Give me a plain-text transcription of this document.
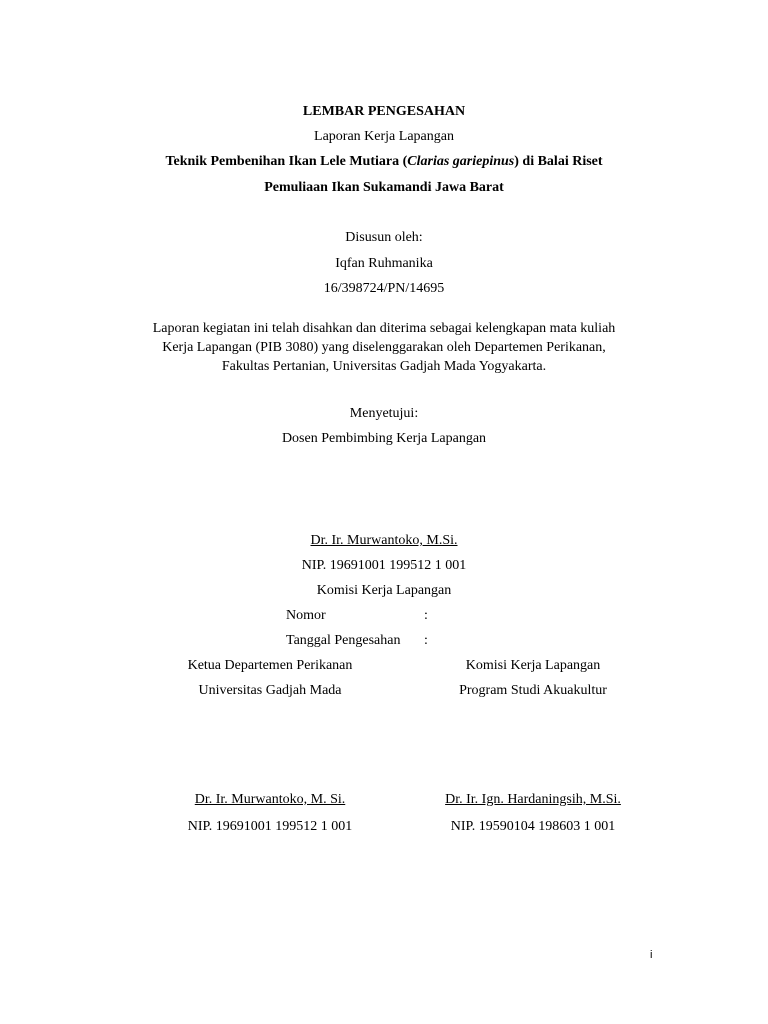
LEMBAR PENGESAHAN
Laporan Kerja Lapangan
Teknik Pembenihan Ikan Lele Mutiara (Clarias gariepinus) di Balai Riset
Pemuliaan Ikan Sukamandi Jawa Barat
Disusun oleh:
Iqfan Ruhmanika
16/398724/PN/14695
Laporan kegiatan ini telah disahkan dan diterima sebagai kelengkapan mata kuliah
Kerja Lapangan (PIB 3080) yang diselenggarakan oleh Departemen Perikanan,
Fakultas Pertanian, Universitas Gadjah Mada Yogyakarta.
Menyetujui:
Dosen Pembimbing Kerja Lapangan
Dr. Ir. Murwantoko, M.Si.
NIP. 19691001 199512 1 001
Komisi Kerja Lapangan
Nomor	:
Tanggal Pengesahan :
Ketua Departemen Perikanan
Universitas Gadjah Mada
Komisi Kerja Lapangan
Program Studi Akuakultur
Dr. Ir. Murwantoko, M. Si.
NIP. 19691001 199512 1 001
Dr. Ir. Ign. Hardaningsih, M.Si.
NIP. 19590104 198603 1 001
i
